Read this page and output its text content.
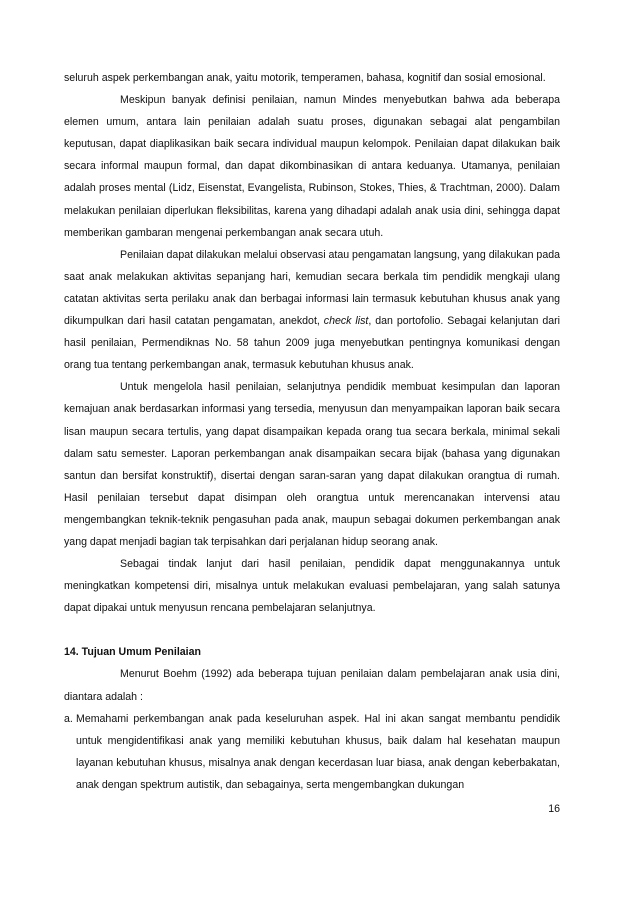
seluruh aspek perkembangan anak, yaitu motorik, temperamen, bahasa, kognitif dan sosial emosional.

Meskipun banyak definisi penilaian, namun Mindes menyebutkan bahwa ada beberapa elemen umum, antara lain penilaian adalah suatu proses, digunakan sebagai alat pengambilan keputusan, dapat diaplikasikan baik secara individual maupun kelompok. Penilaian dapat dilakukan baik secara informal maupun formal, dan dapat dikombinasikan di antara keduanya. Utamanya, penilaian adalah proses mental (Lidz, Eisenstat, Evangelista, Rubinson, Stokes, Thies, & Trachtman, 2000). Dalam melakukan penilaian diperlukan fleksibilitas, karena yang dihadapi adalah anak usia dini, sehingga dapat memberikan gambaran mengenai perkembangan anak secara utuh.

Penilaian dapat dilakukan melalui observasi atau pengamatan langsung, yang dilakukan pada saat anak melakukan aktivitas sepanjang hari, kemudian secara berkala tim pendidik mengkaji ulang catatan aktivitas serta perilaku anak dan berbagai informasi lain termasuk kebutuhan khusus anak yang dikumpulkan dari hasil catatan pengamatan, anekdot, check list, dan portofolio. Sebagai kelanjutan dari hasil penilaian, Permendiknas No. 58 tahun 2009 juga menyebutkan pentingnya komunikasi dengan orang tua tentang perkembangan anak, termasuk kebutuhan khusus anak.

Untuk mengelola hasil penilaian, selanjutnya pendidik membuat kesimpulan dan laporan kemajuan anak berdasarkan informasi yang tersedia, menyusun dan menyampaikan laporan baik secara lisan maupun secara tertulis, yang dapat disampaikan kepada orang tua secara berkala, minimal sekali dalam satu semester. Laporan perkembangan anak disampaikan secara bijak (bahasa yang digunakan santun dan bersifat konstruktif), disertai dengan saran-saran yang dapat dilakukan orangtua di rumah. Hasil penilaian tersebut dapat disimpan oleh orangtua untuk merencanakan intervensi atau mengembangkan teknik-teknik pengasuhan pada anak, maupun sebagai dokumen perkembangan anak yang dapat menjadi bagian tak terpisahkan dari perjalanan hidup seorang anak.

Sebagai tindak lanjut dari hasil penilaian, pendidik dapat menggunakannya untuk meningkatkan kompetensi diri, misalnya untuk melakukan evaluasi pembelajaran, yang salah satunya dapat dipakai untuk menyusun rencana pembelajaran selanjutnya.

14. Tujuan Umum Penilaian

Menurut Boehm (1992) ada beberapa tujuan penilaian dalam pembelajaran anak usia dini, diantara adalah :

a. Memahami perkembangan anak pada keseluruhan aspek. Hal ini akan sangat membantu pendidik untuk mengidentifikasi anak yang memiliki kebutuhan khusus, baik dalam hal kesehatan maupun layanan kebutuhan khusus, misalnya anak dengan kecerdasan luar biasa, anak dengan keberbakatan, anak dengan spektrum autistik, dan sebagainya, serta mengembangkan dukungan
16
